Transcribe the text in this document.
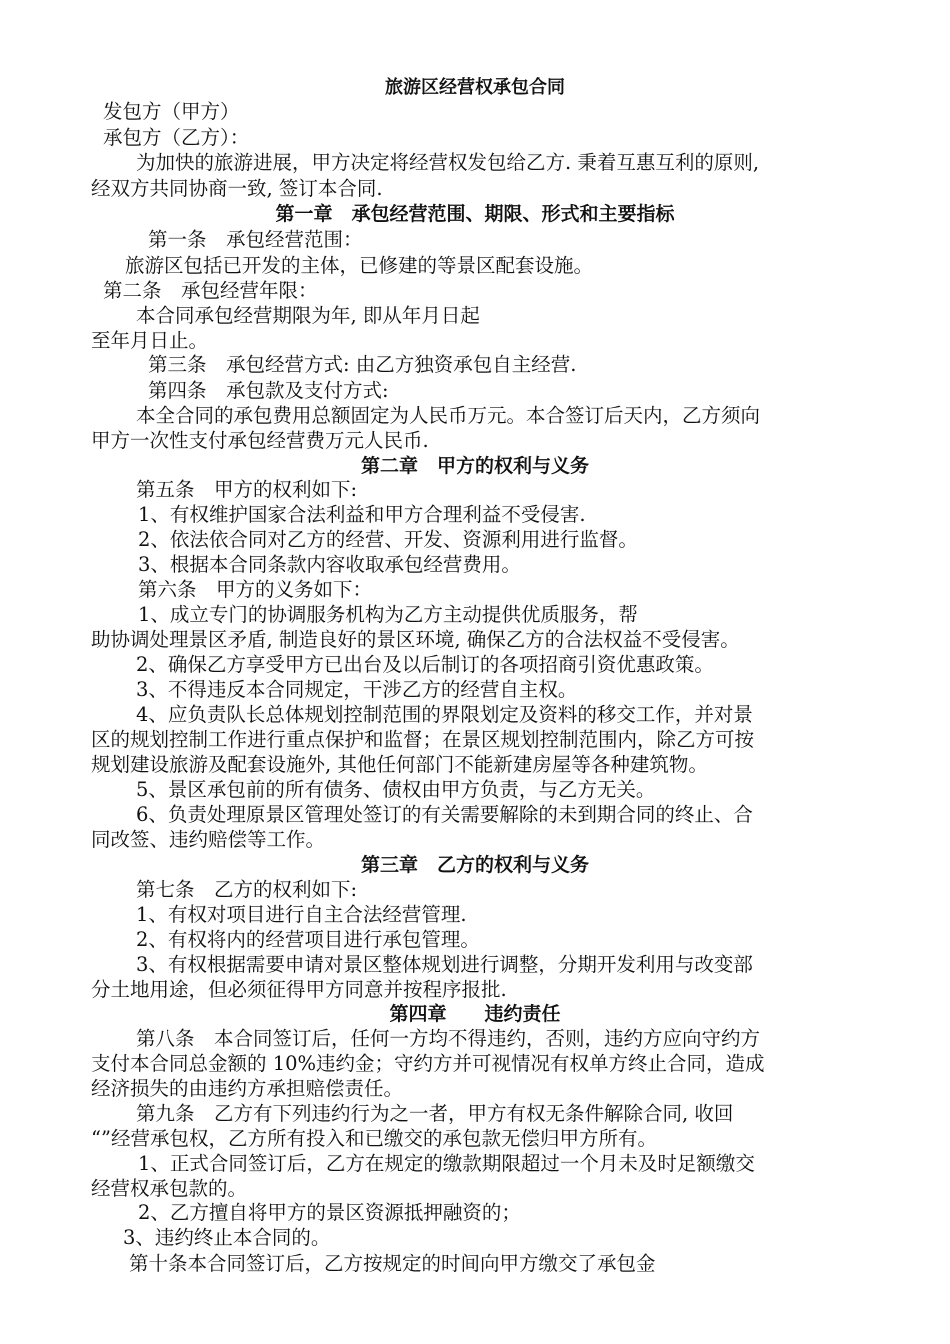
旅游区经营权承包合同
发包方（甲方）
承包方（乙方）：
为加快的旅游进展，甲方决定将经营权发包给乙方. 秉着互惠互利的原则,
经双方共同协商一致, 签订本合同.
第一章　承包经营范围、期限、形式和主要指标
第一条　承包经营范围：
旅游区包括已开发的主体，已修建的等景区配套设施。
第二条　承包经营年限：
本合同承包经营期限为年, 即从年月日起
至年月日止。
第三条　承包经营方式: 由乙方独资承包自主经营.
第四条　承包款及支付方式:
本全合同的承包费用总额固定为人民币万元。本合签订后天内，乙方须向
甲方一次性支付承包经营费万元人民币.
第二章　甲方的权利与义务
第五条　甲方的权利如下:
1、有权维护国家合法利益和甲方合理利益不受侵害.
2、依法依合同对乙方的经营、开发、资源利用进行监督。
3、根据本合同条款内容收取承包经营费用。
第六条　甲方的义务如下：
1、成立专门的协调服务机构为乙方主动提供优质服务，帮
助协调处理景区矛盾, 制造良好的景区环境, 确保乙方的合法权益不受侵害。
2、确保乙方享受甲方已出台及以后制订的各项招商引资优惠政策。
3、不得违反本合同规定，干涉乙方的经营自主权。
4、应负责队长总体规划控制范围的界限划定及资料的移交工作，并对景
区的规划控制工作进行重点保护和监督；在景区规划控制范围内，除乙方可按
规划建设旅游及配套设施外, 其他任何部门不能新建房屋等各种建筑物。
5、景区承包前的所有债务、债权由甲方负责，与乙方无关。
6、负责处理原景区管理处签订的有关需要解除的未到期合同的终止、合
同改签、违约赔偿等工作。
第三章　乙方的权利与义务
第七条　乙方的权利如下:
1、有权对项目进行自主合法经营管理.
2、有权将内的经营项目进行承包管理。
3、有权根据需要申请对景区整体规划进行调整，分期开发利用与改变部
分土地用途，但必须征得甲方同意并按程序报批.
第四章　　违约责任
第八条　本合同签订后，任何一方均不得违约，否则，违约方应向守约方
支付本合同总金额的 10%违约金；守约方并可视情况有权单方终止合同，造成
经济损失的由违约方承担赔偿责任。
第九条　乙方有下列违约行为之一者，甲方有权无条件解除合同, 收回
“”经营承包权，乙方所有投入和已缴交的承包款无偿归甲方所有。
1、正式合同签订后，乙方在规定的缴款期限超过一个月未及时足额缴交
经营权承包款的。
2、乙方擅自将甲方的景区资源抵押融资的；
3、违约终止本合同的。
第十条本合同签订后，乙方按规定的时间向甲方缴交了承包金
